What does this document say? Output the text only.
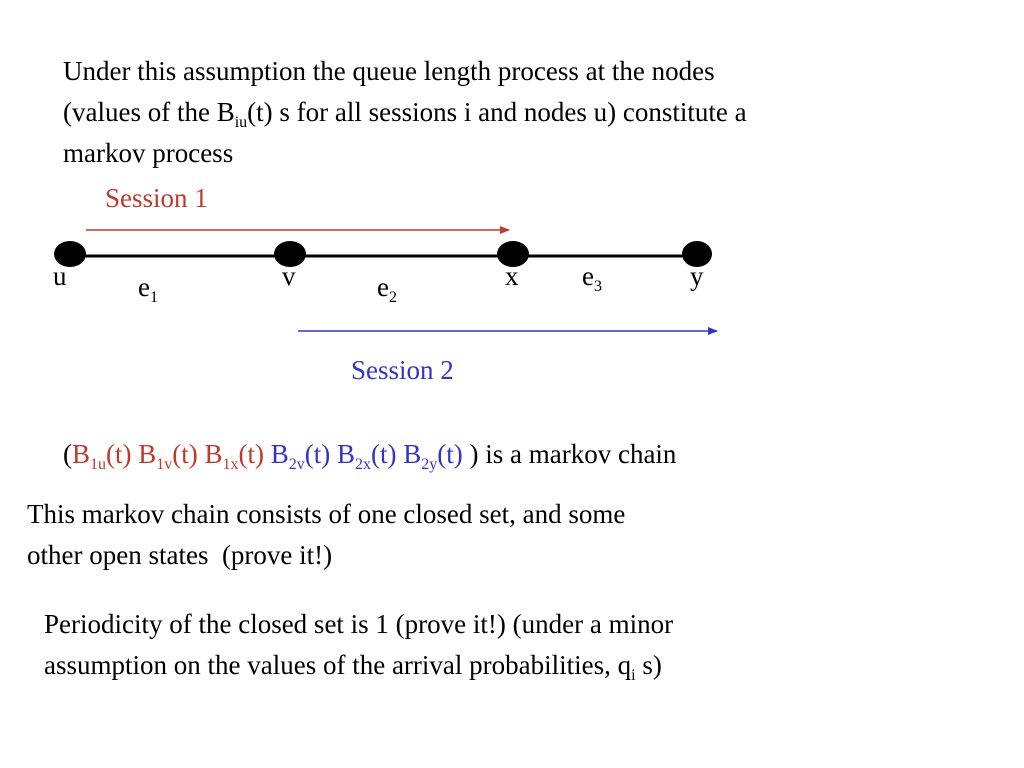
Under this assumption the queue length process at the nodes
(values of the $B_{iu}(t)$ s for all sessions i and nodes u) constitute a
markov process
Session 1
Session 2
u	v	x	y
$e_1$	$e_2$
$e_3$
($B_{1u}(t)$ $B_{1v}(t)$ $B_{1x}(t)$ $B_{2v}(t)$ $B_{2x}(t)$ $B_{2y}(t)$ ) is a markov chain
This markov chain consists of one closed set, and some
other open states  (prove it!)
Periodicity of the closed set is 1 (prove it!) (under a minor
assumption on the values of the arrival probabilities, $q_i$ s)
